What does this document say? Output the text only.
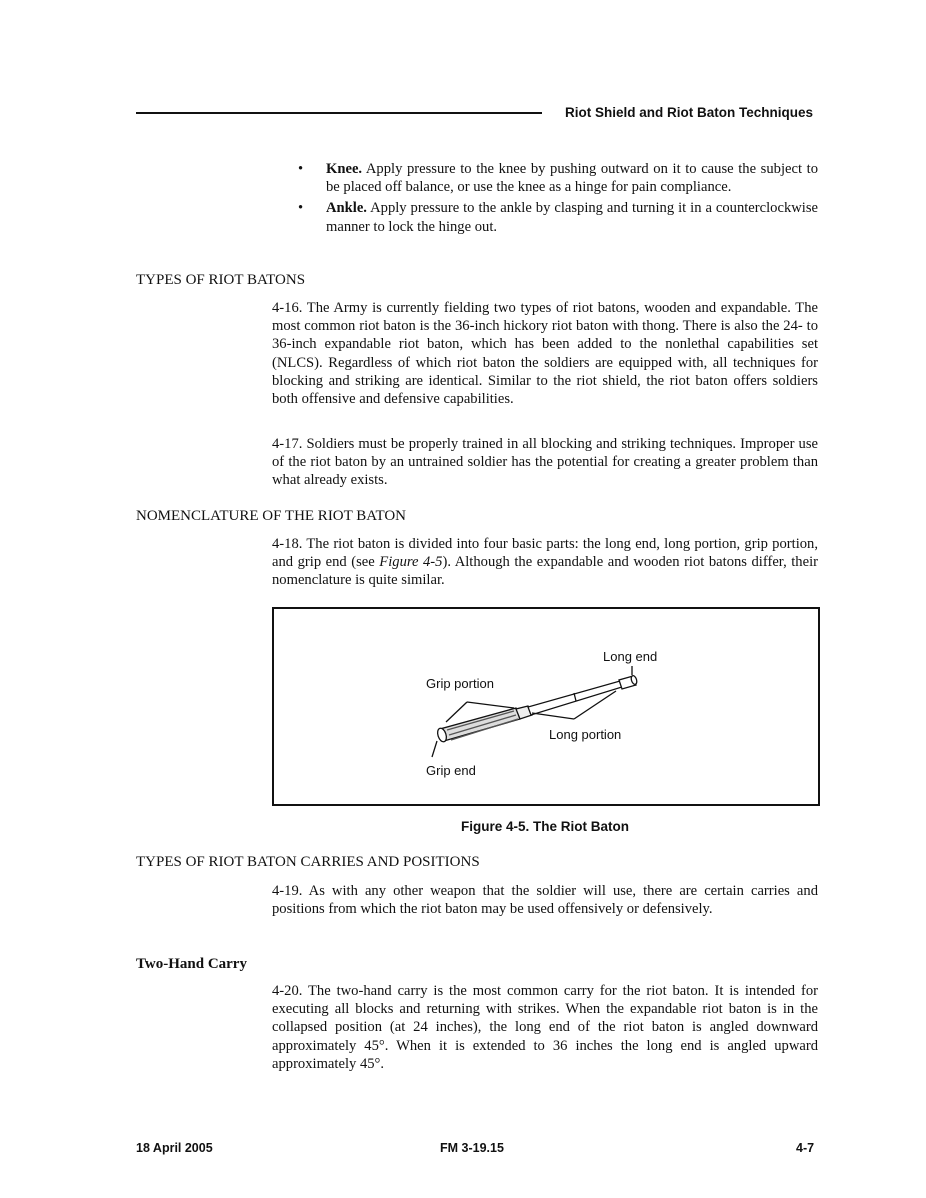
Riot Shield and Riot Baton Techniques
• Knee. Apply pressure to the knee by pushing outward on it to cause the subject to be placed off balance, or use the knee as a hinge for pain compliance.
• Ankle. Apply pressure to the ankle by clasping and turning it in a counterclockwise manner to lock the hinge out.
TYPES OF RIOT BATONS
4-16. The Army is currently fielding two types of riot batons, wooden and expandable. The most common riot baton is the 36-inch hickory riot baton with thong. There is also the 24- to 36-inch expandable riot baton, which has been added to the nonlethal capabilities set (NLCS). Regardless of which riot baton the soldiers are equipped with, all techniques for blocking and striking are identical. Similar to the riot shield, the riot baton offers soldiers both offensive and defensive capabilities.
4-17. Soldiers must be properly trained in all blocking and striking techniques. Improper use of the riot baton by an untrained soldier has the potential for creating a greater problem than what already exists.
NOMENCLATURE OF THE RIOT BATON
4-18. The riot baton is divided into four basic parts: the long end, long portion, grip portion, and grip end (see Figure 4-5). Although the expandable and wooden riot batons differ, their nomenclature is quite similar.
Long end
Grip portion
Long portion
Grip end
Figure 4-5. The Riot Baton
TYPES OF RIOT BATON CARRIES AND POSITIONS
4-19. As with any other weapon that the soldier will use, there are certain carries and positions from which the riot baton may be used offensively or defensively.
Two-Hand Carry
4-20. The two-hand carry is the most common carry for the riot baton. It is intended for executing all blocks and returning with strikes. When the expandable riot baton is in the collapsed position (at 24 inches), the long end of the riot baton is angled downward approximately 45°. When it is extended to 36 inches the long end is angled upward approximately 45°.
18 April 2005	FM 3-19.15	4-7
